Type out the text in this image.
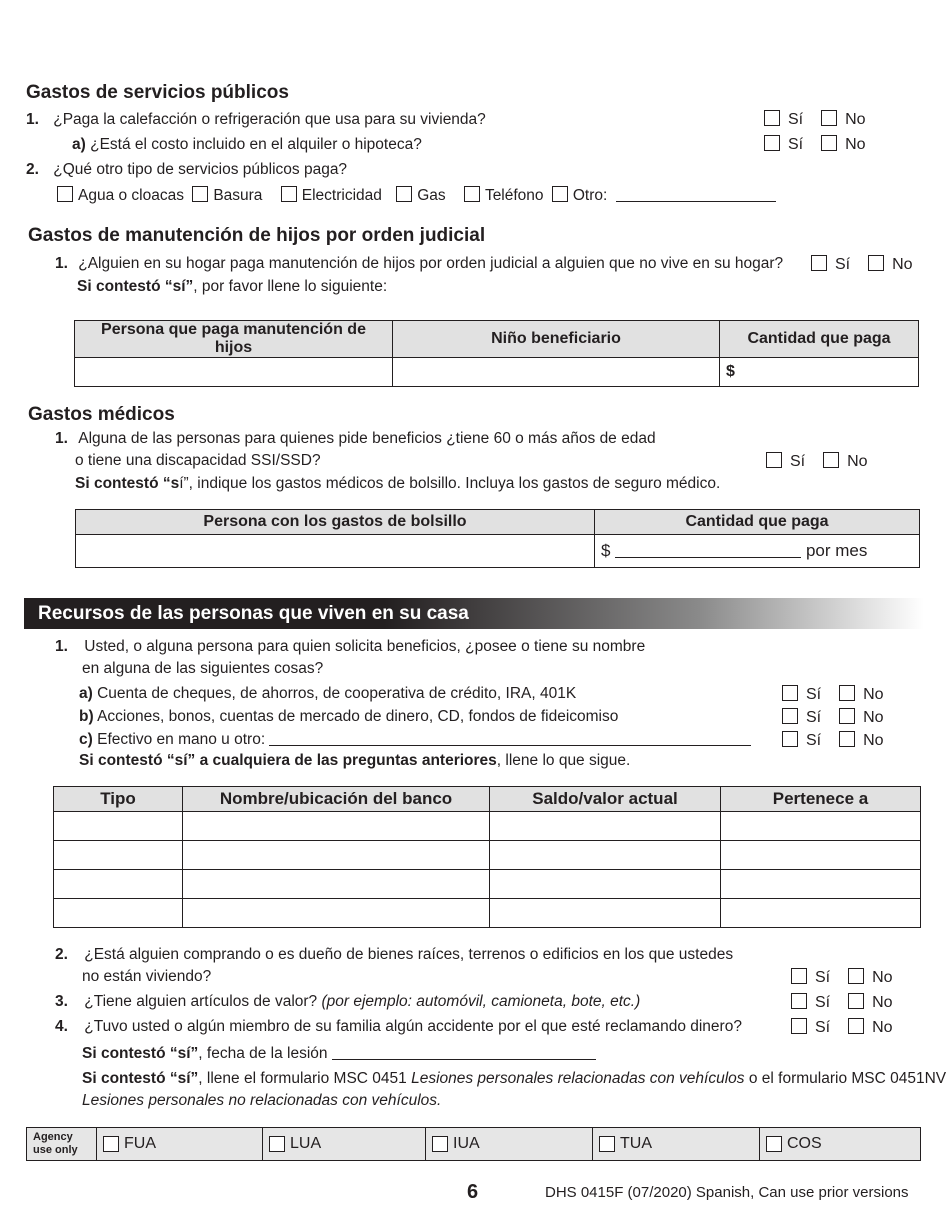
Gastos de servicios públicos
1. ¿Paga la calefacción o refrigeración que usa para su vivienda?	Sí	No
a) ¿Está el costo incluido en el alquiler o hipoteca?	Sí	No
2. ¿Qué otro tipo de servicios públicos paga?
Agua o cloacas Basura	Electricidad Gas	Teléfono Otro:
Gastos de manutención de hijos por orden judicial
1. ¿Alguien en su hogar paga manutención de hijos por orden judicial a alguien que no vive en su hogar?	Sí	No
Si contestó “sí”, por favor llene lo siguiente:
Persona que paga manutención de hijos	Niño beneficiario	Cantidad que paga
		$
Gastos médicos
1. Alguna de las personas para quienes pide beneficios ¿tiene 60 o más años de edad
o tiene una discapacidad SSI/SSD?	Sí	No
Si contestó “sí”, indique los gastos médicos de bolsillo. Incluya los gastos de seguro médico.
Persona con los gastos de bolsillo	Cantidad que paga
	$ por mes
Recursos de las personas que viven en su casa
1. Usted, o alguna persona para quien solicita beneficios, ¿posee o tiene su nombre
en alguna de las siguientes cosas?
a) Cuenta de cheques, de ahorros, de cooperativa de crédito, IRA, 401K	Sí	No
b) Acciones, bonos, cuentas de mercado de dinero, CD, fondos de fideicomiso	Sí	No
c) Efectivo en mano u otro:	Sí	No
Si contestó “sí” a cualquiera de las preguntas anteriores, llene lo que sigue.
Tipo	Nombre/ubicación del banco	Saldo/valor actual	Pertenece a

2. ¿Está alguien comprando o es dueño de bienes raíces, terrenos o edificios en los que ustedes
no están viviendo?	Sí	No
3. ¿Tiene alguien artículos de valor? (por ejemplo: automóvil, camioneta, bote, etc.)	Sí	No
4. ¿Tuvo usted o algún miembro de su familia algún accidente por el que esté reclamando dinero?	Sí	No
Si contestó “sí”, fecha de la lesión
Si contestó “sí”, llene el formulario MSC 0451 Lesiones personales relacionadas con vehículos o el formulario MSC 0451NV
Lesiones personales no relacionadas con vehículos.
Agency
use only	FUA	LUA	IUA	TUA	COS
6	DHS 0415F (07/2020) Spanish, Can use prior versions
